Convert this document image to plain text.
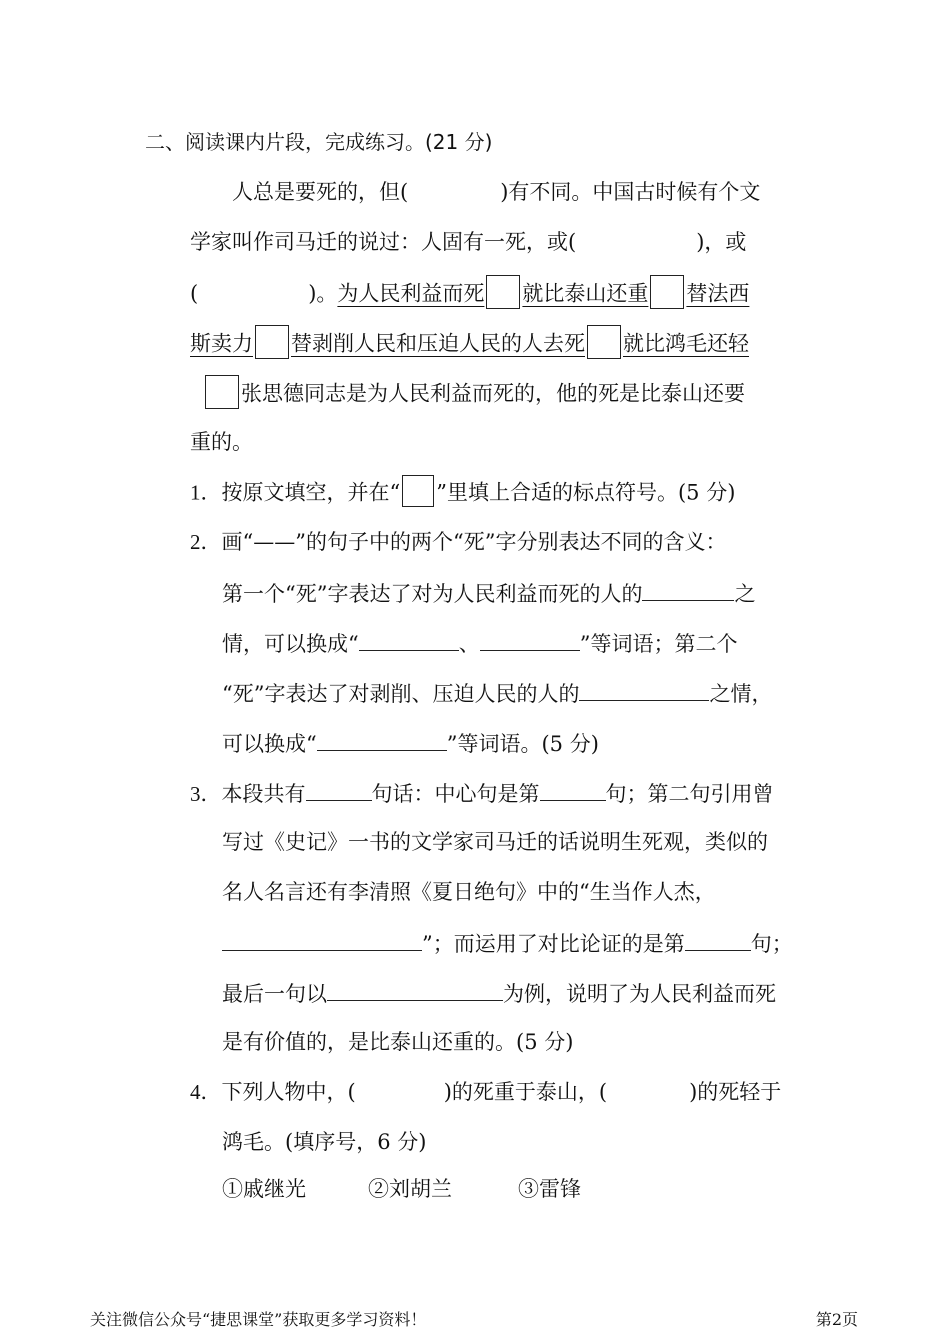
二、阅读课内片段，完成练习。(21 分)
人总是要死的，但(	)有不同。中国古时候有个文
学家叫作司马迁的说过：人固有一死，或(	)，或
(	)。为人民利益而死 就比泰山还重 替法西
斯卖力 替剥削人民和压迫人民的人去死 就比鸿毛还轻
张思德同志是为人民利益而死的，他的死是比泰山还要
重的。
1．按原文填空，并在“ ”里填上合适的标点符号。(5 分)
2．画“——”的句子中的两个“死”字分别表达不同的含义：
第一个“死”字表达了对为人民利益而死的人的	之
情，可以换成“	、	”等词语；第二个
“死”字表达了对剥削、压迫人民的人的	之情，
可以换成“	”等词语。(5 分)
3．本段共有	句话：中心句是第	句；第二句引用曾
写过《史记》一书的文学家司马迁的话说明生死观，类似的
名人名言还有李清照《夏日绝句》中的“生当作人杰，
”；而运用了对比论证的是第	句；
最后一句以	为例，说明了为人民利益而死
是有价值的，是比泰山还重的。(5 分)
4．下列人物中，(	)的死重于泰山，(	)的死轻于
鸿毛。(填序号，6 分)
①戚继光	②刘胡兰	③雷锋
关注微信公众号“捷思课堂”获取更多学习资料！	第2页
